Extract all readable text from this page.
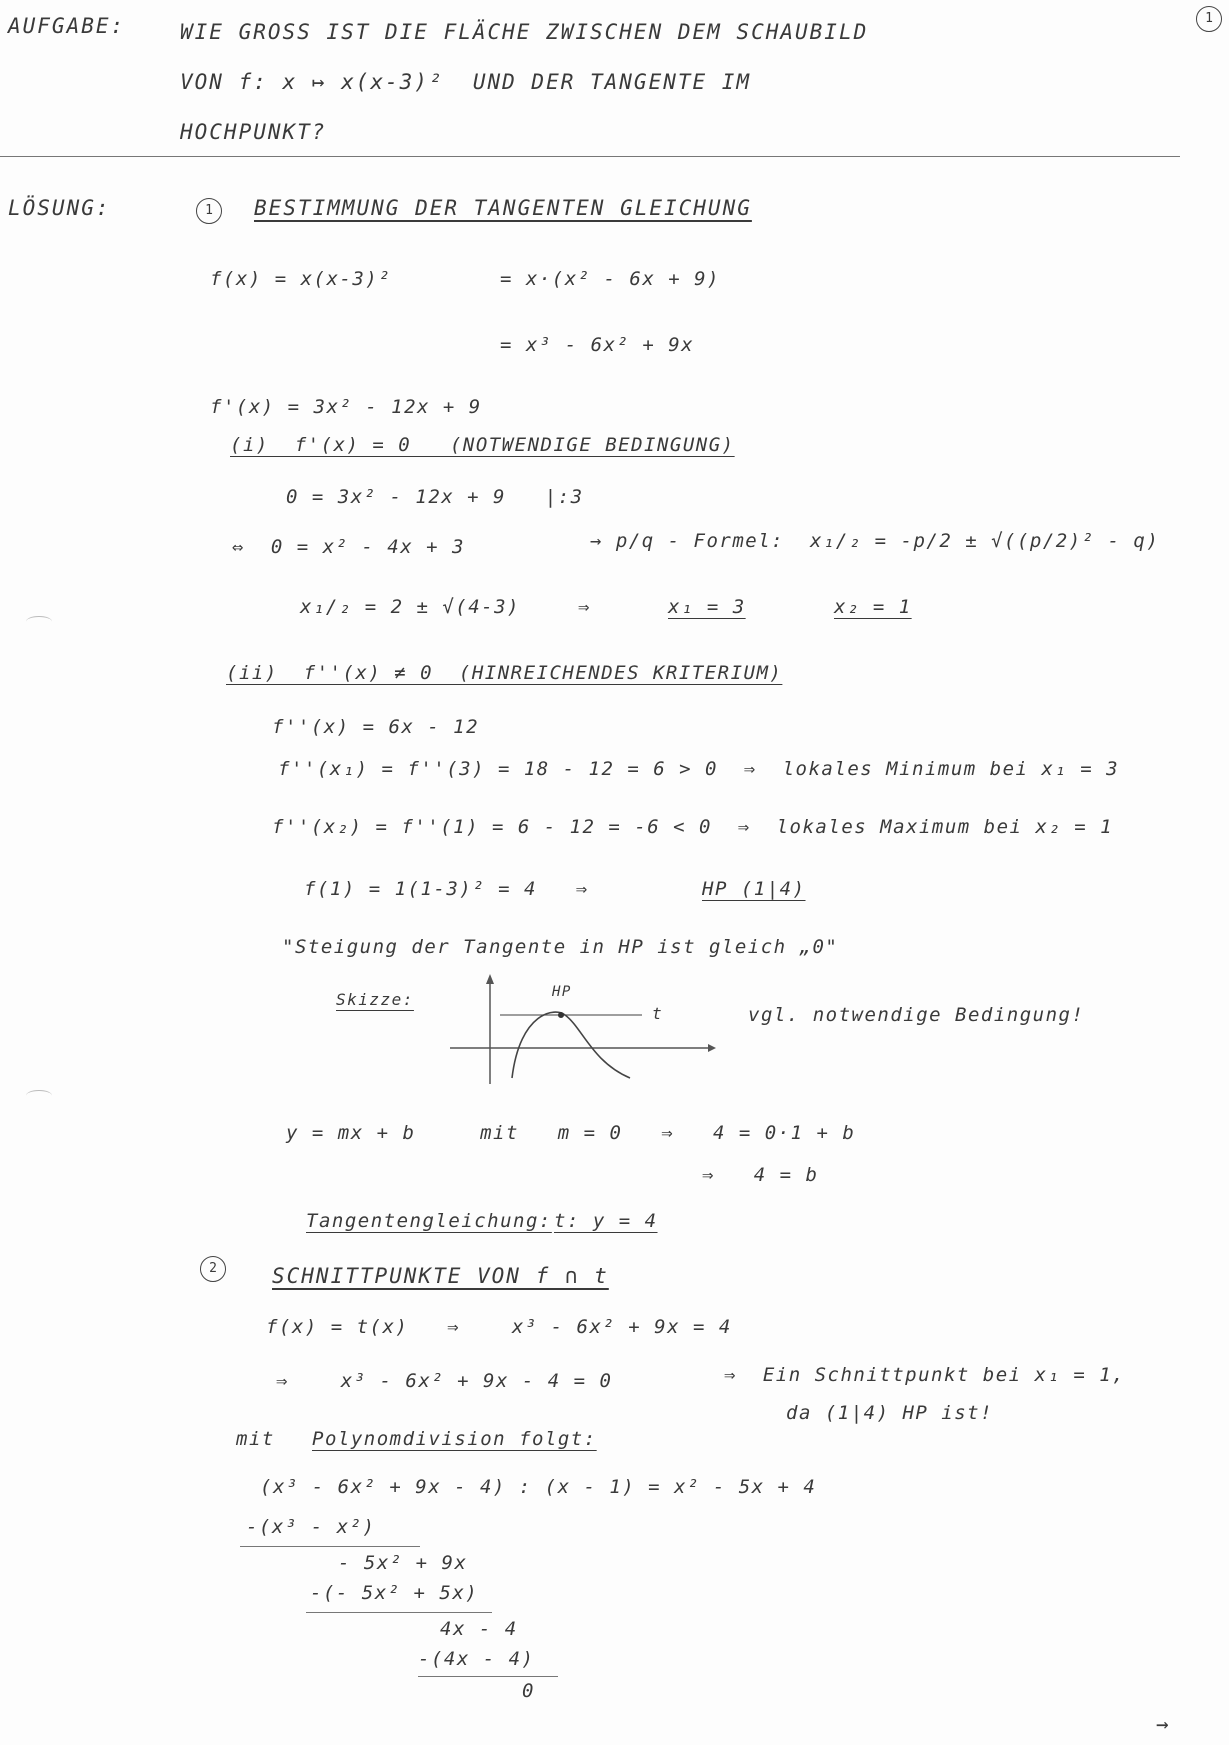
1
AUFGABE:	WIE GROSS IST DIE FLÄCHE ZWISCHEN DEM SCHAUBILD
VON f: x ↦ x(x-3)²  UND DER TANGENTE IM
HOCHPUNKT?
LÖSUNG:	1	BESTIMMUNG DER TANGENTEN GLEICHUNG
f(x) = x(x-3)²	= x·(x² - 6x + 9)
= x³ - 6x² + 9x
f'(x) = 3x² - 12x + 9
(i)  f'(x) = 0   (NOTWENDIGE BEDINGUNG)
0 = 3x² - 12x + 9   |:3
⇔  0 = x² - 4x + 3	→ p/q - Formel:  x₁/₂ = -p/2 ± √((p/2)² - q)
x₁/₂ = 2 ± √(4-3)	⇒	x₁ = 3	x₂ = 1
(ii)  f''(x) ≠ 0  (HINREICHENDES KRITERIUM)
f''(x) = 6x - 12
f''(x₁) = f''(3) = 18 - 12 = 6 > 0  ⇒  lokales Minimum bei x₁ = 3
f''(x₂) = f''(1) = 6 - 12 = -6 < 0  ⇒  lokales Maximum bei x₂ = 1
f(1) = 1(1-3)² = 4   ⇒	HP (1|4)
"Steigung der Tangente in HP ist gleich „0"
Skizze:	HP
t	vgl. notwendige Bedingung!
y = mx + b     mit   m = 0   ⇒   4 = 0·1 + b
⇒   4 = b
Tangentengleichung: t: y = 4
2	SCHNITTPUNKTE VON f ∩ t
f(x) = t(x)   ⇒    x³ - 6x² + 9x = 4
⇒    x³ - 6x² + 9x - 4 = 0	⇒  Ein Schnittpunkt bei x₁ = 1,
da (1|4) HP ist!
mit Polynomdivision folgt:
(x³ - 6x² + 9x - 4) : (x - 1) = x² - 5x + 4
-(x³ - x²)
- 5x² + 9x
-(- 5x² + 5x)
4x - 4
-(4x - 4)
0
→
